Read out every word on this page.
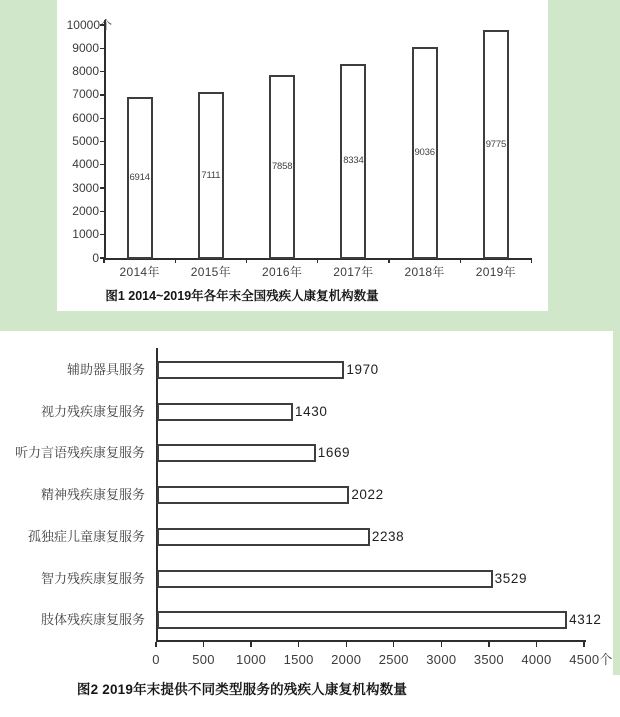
0
1000
2000
3000
4000
5000
6000
7000
8000
9000
10000个
6914
2014年
7111
2015年
7858
2016年
8334
2017年
9036
2018年
9775
2019年
图1 2014~2019年各年末全国残疾人康复机构数量
0	500	1000	1500	2000	2500	3000	3500	4000	4500个
辅助器具服务	1970
视力残疾康复服务	1430
听力言语残疾康复服务	1669
精神残疾康复服务	2022
孤独症儿童康复服务	2238
智力残疾康复服务	3529
肢体残疾康复服务	4312
图2 2019年末提供不同类型服务的残疾人康复机构数量
